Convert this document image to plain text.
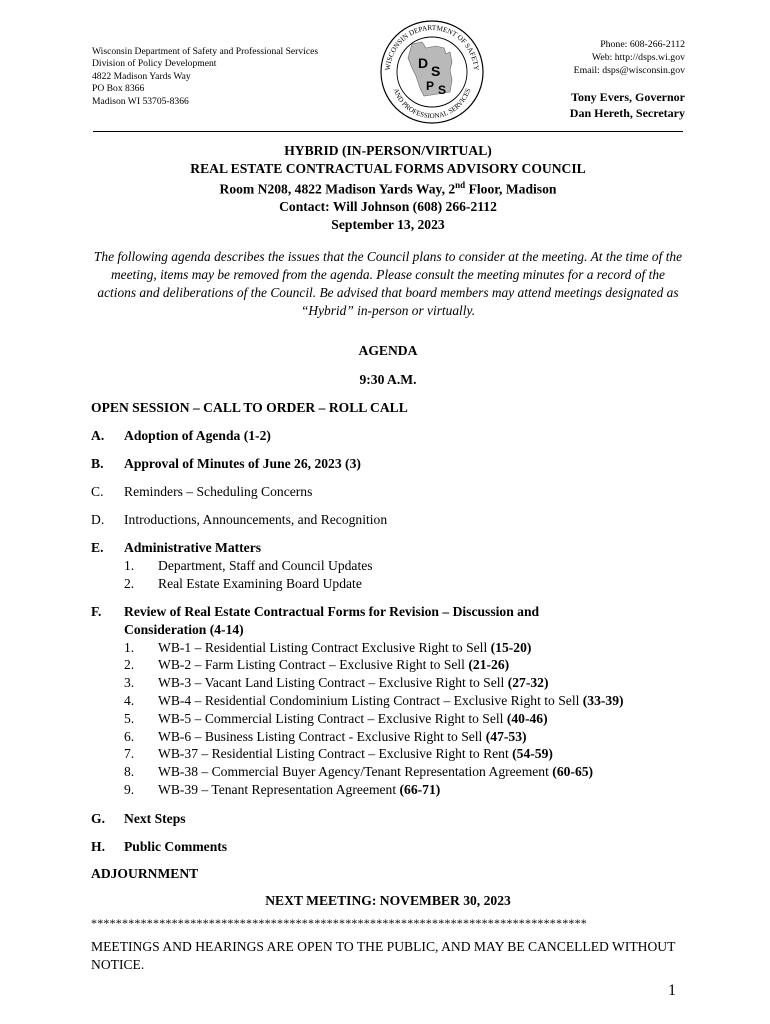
Wisconsin Department of Safety and Professional Services
Division of Policy Development
4822 Madison Yards Way
PO Box 8366
Madison WI 53705-8366
WISCONSIN DEPARTMENT OF SAFETY
AND PROFESSIONAL SERVICES
D S
P S
Phone: 608-266-2112
Web: http://dsps.wi.gov
Email: dsps@wisconsin.gov
Tony Evers, Governor
Dan Hereth, Secretary
HYBRID (IN-PERSON/VIRTUAL)
REAL ESTATE CONTRACTUAL FORMS ADVISORY COUNCIL
Room N208, 4822 Madison Yards Way, 2nd Floor, Madison
Contact: Will Johnson (608) 266-2112
September 13, 2023
The following agenda describes the issues that the Council plans to consider at the meeting. At the time of the meeting, items may be removed from the agenda. Please consult the meeting minutes for a record of the actions and deliberations of the Council. Be advised that board members may attend meetings designated as “Hybrid” in-person or virtually.
AGENDA
9:30 A.M.
OPEN SESSION – CALL TO ORDER – ROLL CALL
A. Adoption of Agenda (1-2)
B. Approval of Minutes of June 26, 2023 (3)
C. Reminders – Scheduling Concerns
D. Introductions, Announcements, and Recognition
E. Administrative Matters
1. Department, Staff and Council Updates
2. Real Estate Examining Board Update
F. Review of Real Estate Contractual Forms for Revision – Discussion and Consideration (4-14)
1. WB-1 – Residential Listing Contract Exclusive Right to Sell (15-20)
2. WB-2 – Farm Listing Contract – Exclusive Right to Sell (21-26)
3. WB-3 – Vacant Land Listing Contract – Exclusive Right to Sell (27-32)
4. WB-4 – Residential Condominium Listing Contract – Exclusive Right to Sell (33-39)
5. WB-5 – Commercial Listing Contract – Exclusive Right to Sell (40-46)
6. WB-6 – Business Listing Contract - Exclusive Right to Sell (47-53)
7. WB-37 – Residential Listing Contract – Exclusive Right to Rent (54-59)
8. WB-38 – Commercial Buyer Agency/Tenant Representation Agreement (60-65)
9. WB-39 – Tenant Representation Agreement (66-71)
G. Next Steps
H. Public Comments
ADJOURNMENT
NEXT MEETING: NOVEMBER 30, 2023
********************************************************************************
MEETINGS AND HEARINGS ARE OPEN TO THE PUBLIC, AND MAY BE CANCELLED WITHOUT NOTICE.
1
